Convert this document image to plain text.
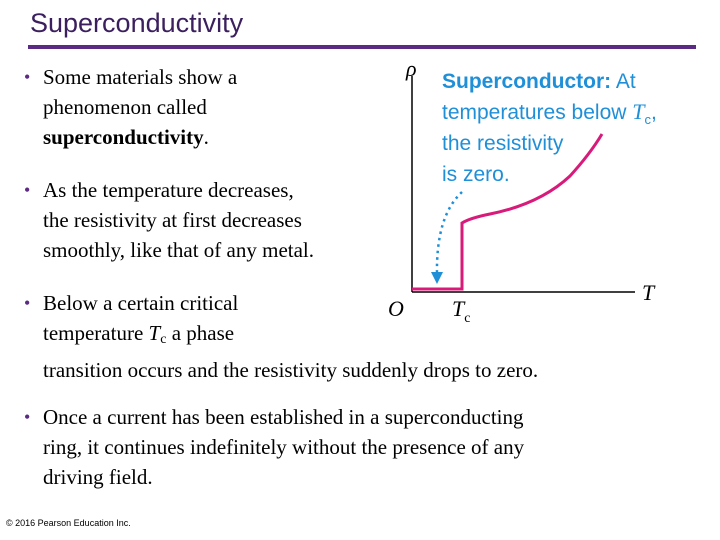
Superconductivity
• Some materials show a
phenomenon called
superconductivity.
• As the temperature decreases,
the resistivity at first decreases
smoothly, like that of any metal.
• Below a certain critical
temperature $T_c$ a phase
transition occurs and the resistivity suddenly drops to zero.
• Once a current has been established in a superconducting
ring, it continues indefinitely without the presence of any
driving field.
ρ
T
O $T_c$
Superconductor: At temperatures below $T_c$, the resistivity is zero.
© 2016 Pearson Education Inc.
